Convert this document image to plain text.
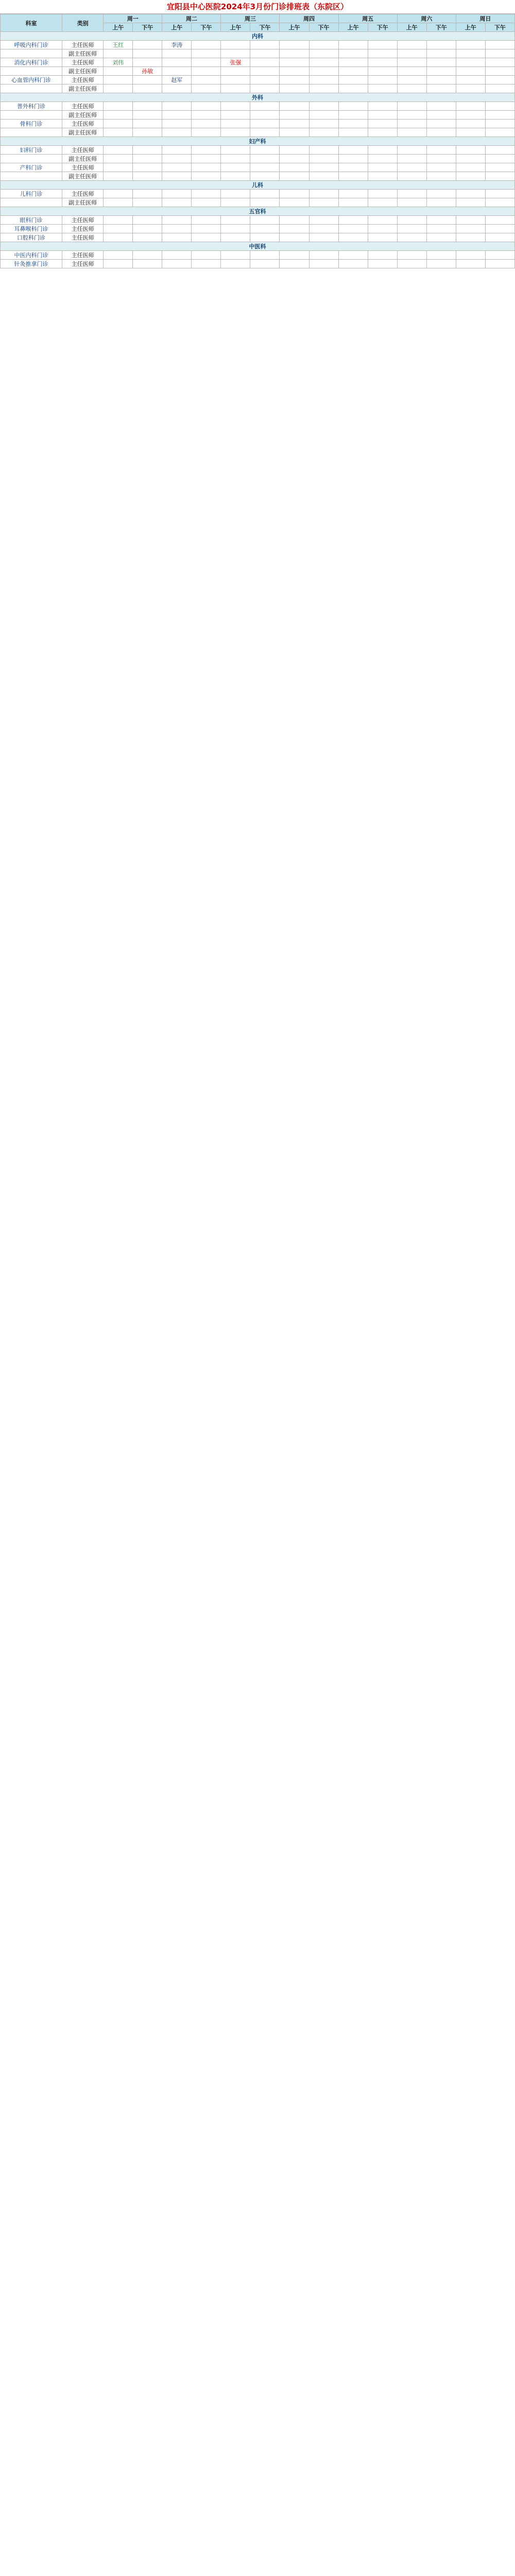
宜阳县中心医院2024年3月份门诊排班表（东院区）
科室	类别	周一		周二		周三		周四		周五		周六		周日	
		上午	下午	上午	下午	上午	下午	上午	下午	上午	下午	上午	下午	上午	下午
内科															
呼吸内科门诊	主任医师	王红		李涛											
	副主任医师														
消化内科门诊	主任医师	刘伟				张强									
	副主任医师		孙敏												
心血管内科门诊	主任医师			赵军											
	副主任医师														
外科															
普外科门诊	主任医师														
	副主任医师														
骨科门诊	主任医师														
	副主任医师														
妇产科															
妇科门诊	主任医师														
	副主任医师														
产科门诊	主任医师														
	副主任医师														
儿科															
儿科门诊	主任医师														
	副主任医师														
五官科															
眼科门诊	主任医师														
耳鼻喉科门诊	主任医师														
口腔科门诊	主任医师														
中医科															
中医内科门诊	主任医师														
针灸推拿门诊	主任医师														
